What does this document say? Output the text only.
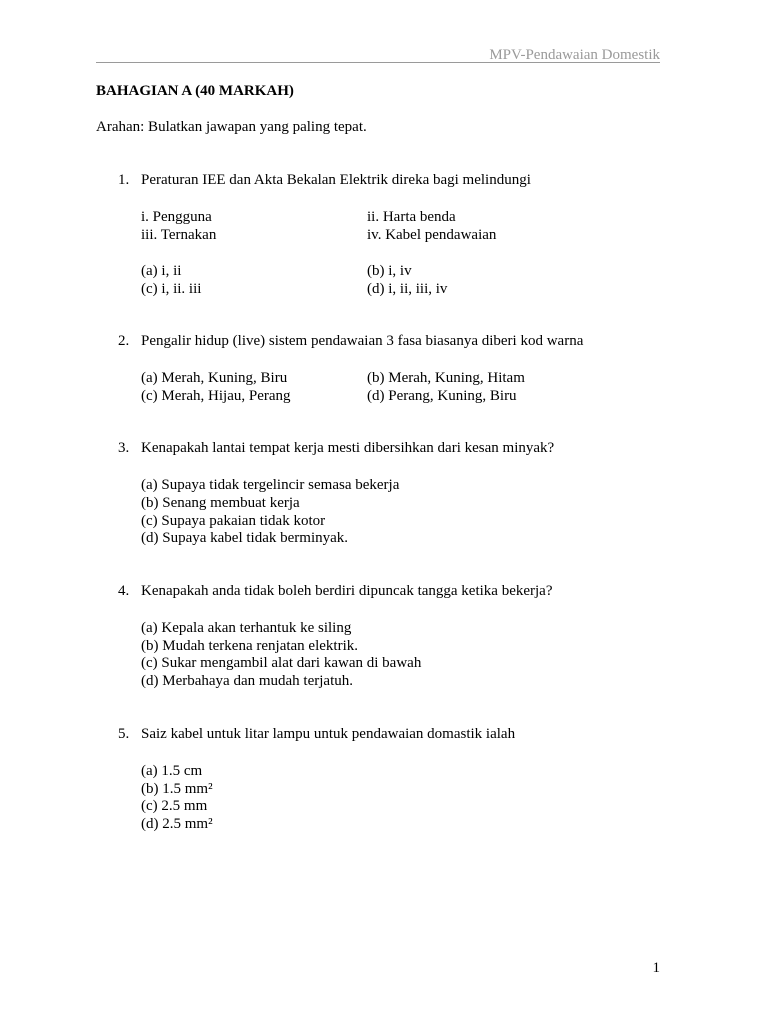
MPV-Pendawaian Domestik
BAHAGIAN A (40 MARKAH)
Arahan: Bulatkan jawapan yang paling tepat.
1. Peraturan IEE dan Akta Bekalan Elektrik direka bagi melindungi
i. Pengguna	ii. Harta benda
iii. Ternakan	iv. Kabel pendawaian
(a) i, ii	(b) i, iv
(c) i, ii. iii	(d) i, ii, iii, iv
2. Pengalir hidup (live) sistem pendawaian 3 fasa biasanya diberi kod warna
(a) Merah, Kuning, Biru	(b) Merah, Kuning, Hitam
(c) Merah, Hijau, Perang	(d) Perang, Kuning, Biru
3. Kenapakah lantai tempat kerja mesti dibersihkan dari kesan minyak?
(a) Supaya tidak tergelincir semasa bekerja
(b) Senang membuat kerja
(c) Supaya pakaian tidak kotor
(d) Supaya kabel tidak berminyak.
4. Kenapakah anda tidak boleh berdiri dipuncak tangga ketika bekerja?
(a) Kepala akan terhantuk ke siling
(b) Mudah terkena renjatan elektrik.
(c) Sukar mengambil alat dari kawan di bawah
(d) Merbahaya dan mudah terjatuh.
5. Saiz kabel untuk litar lampu untuk pendawaian domastik ialah
(a) 1.5 cm
(b) 1.5 mm²
(c) 2.5 mm
(d) 2.5 mm²
1
